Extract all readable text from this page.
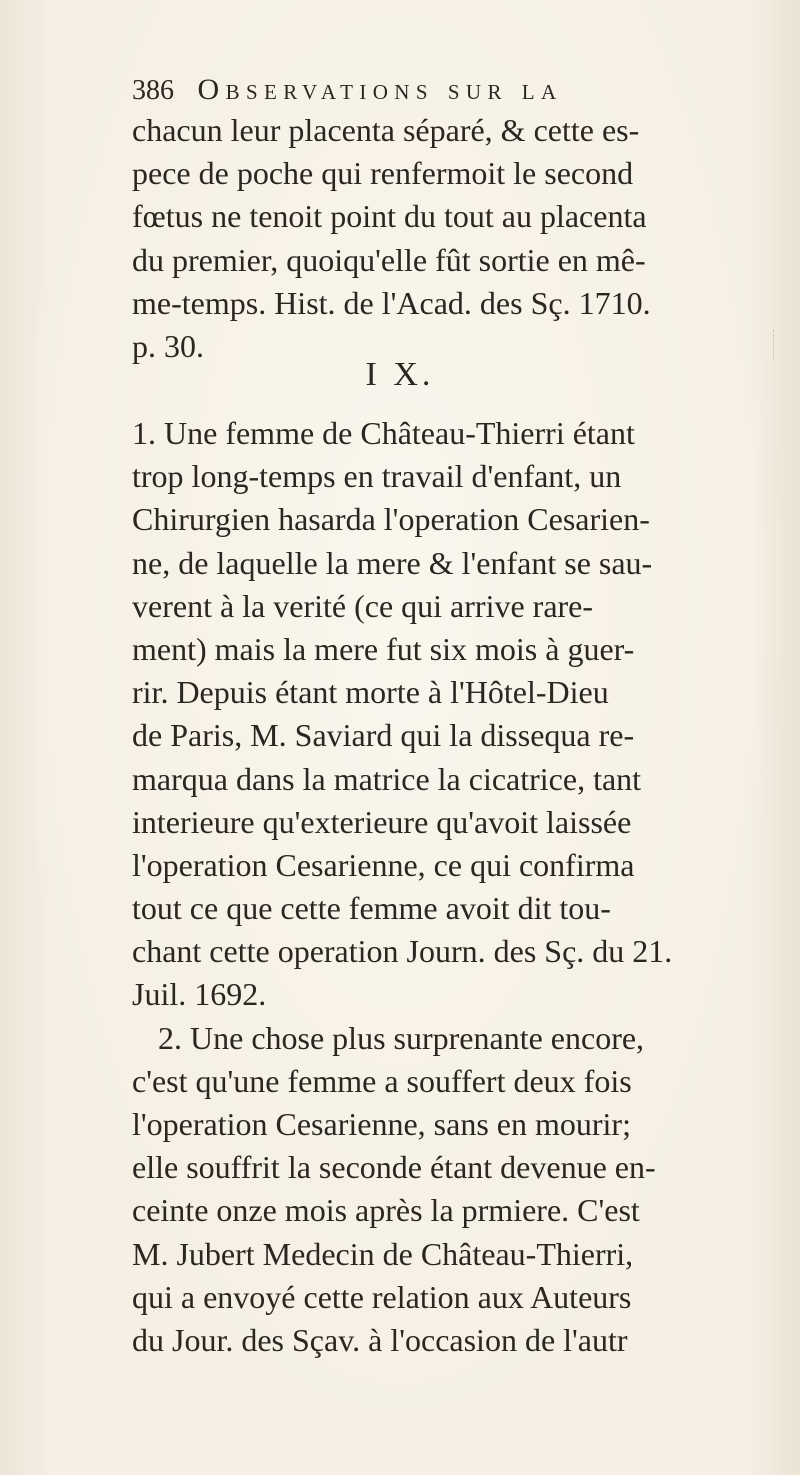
386 Observations sur la
chacun leur placenta séparé, & cette es-
pece de poche qui renfermoit le second
fœtus ne tenoit point du tout au placenta
du premier, quoiqu'elle fût sortie en mê-
me-temps. Hist. de l'Acad. des Sç. 1710.
p. 30.
I X.
1. Une femme de Château-Thierri étant
trop long-temps en travail d'enfant, un
Chirurgien hasarda l'operation Cesarien-
ne, de laquelle la mere & l'enfant se sau-
verent à la verité (ce qui arrive rare-
ment) mais la mere fut six mois à guer-
rir. Depuis étant morte à l'Hôtel-Dieu
de Paris, M. Saviard qui la dissequa re-
marqua dans la matrice la cicatrice, tant
interieure qu'exterieure qu'avoit laissée
l'operation Cesarienne, ce qui confirma
tout ce que cette femme avoit dit tou-
chant cette operation Journ. des Sç. du 21.
Juil. 1692.
2. Une chose plus surprenante encore,
c'est qu'une femme a souffert deux fois
l'operation Cesarienne, sans en mourir;
elle souffrit la seconde étant devenue en-
ceinte onze mois après la prmiere. C'est
M. Jubert Medecin de Château-Thierri,
qui a envoyé cette relation aux Auteurs
du Jour. des Sçav. à l'occasion de l'autr
